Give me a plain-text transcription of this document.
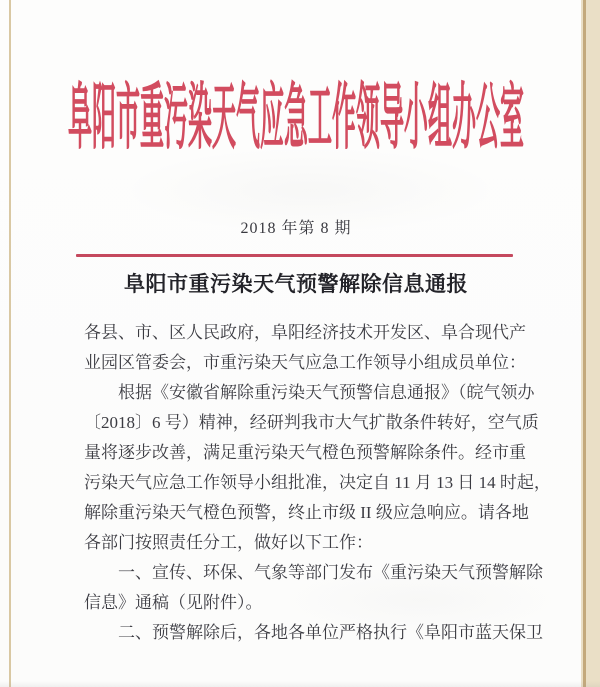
阜阳市重污染天气应急工作领导小组办公室
2018 年第 8 期
阜阳市重污染天气预警解除信息通报
各县、市、区人民政府，阜阳经济技术开发区、阜合现代产
业园区管委会，市重污染天气应急工作领导小组成员单位：
　　根据《安徽省解除重污染天气预警信息通报》（皖气领办
〔2018〕6 号）精神，经研判我市大气扩散条件转好，空气质
量将逐步改善，满足重污染天气橙色预警解除条件。经市重
污染天气应急工作领导小组批准，决定自 11 月 13 日 14 时起，
解除重污染天气橙色预警，终止市级 II 级应急响应。请各地
各部门按照责任分工，做好以下工作：
　　一、宣传、环保、气象等部门发布《重污染天气预警解除
信息》通稿（见附件）。
　　二、预警解除后，各地各单位严格执行《阜阳市蓝天保卫
